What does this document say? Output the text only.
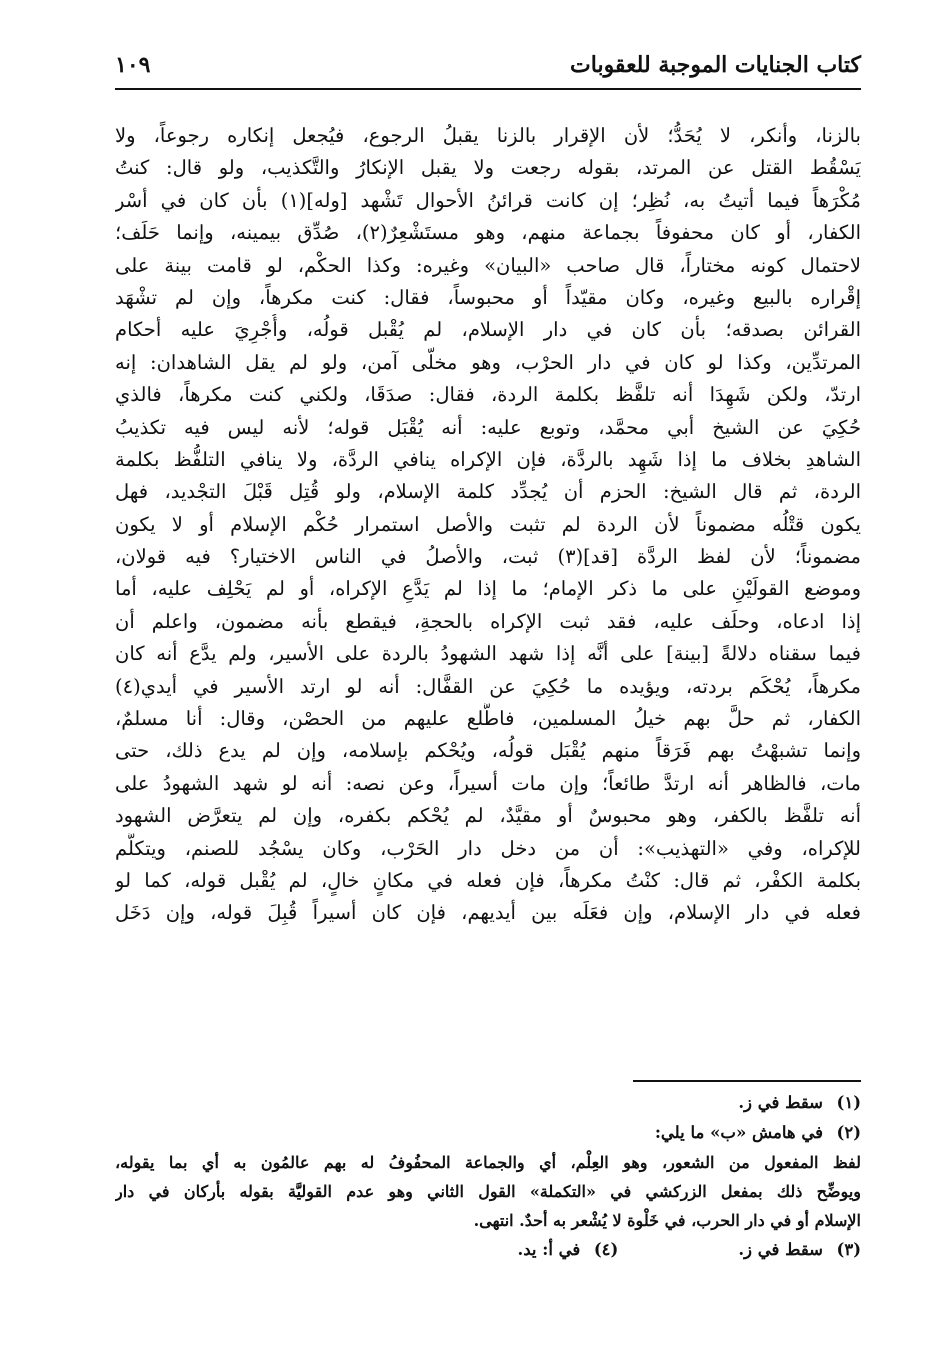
كتاب الجنايات الموجبة للعقوبات
١٠٩
بالزنا، وأنكر، لا يُحَدُّ؛ لأن الإقرار بالزنا يقبلُ الرجوع، فيُجعل إنكاره رجوعاً، ولا
يَسْقُط القتل عن المرتد، بقوله رجعت ولا يقبل الإنكارُ والتَّكذيب، ولو قال: كنتُ
مُكْرَهاً فيما أتيتُ به، نُظِر؛ إن كانت قرائنُ الأحوال تَشْهد [وله](١) بأن كان في أسْر
الكفار، أو كان محفوفاً بجماعة منهم، وهو مستَشْعِرٌ(٢)، صُدِّق بيمينه، وإنما حَلَف؛
لاحتمال كونه مختاراً، قال صاحب «البيان» وغيره: وكذا الحكْم، لو قامت بينة على
إقْراره بالبيع وغيره، وكان مقيّداً أو محبوساً، فقال: كنت مكرهاً، وإن لم تشْهَد
القرائن بصدقه؛ بأن كان في دار الإسلام، لم يُقْبل قولُه، وأُجْرِيَ عليه أحكام
المرتدِّين، وكذا لو كان في دار الحرْب، وهو مخلّى آمن، ولو لم يقل الشاهدان: إنه
ارتدّ، ولكن شَهِدَا أنه تلفَّظ بكلمة الردة، فقال: صدَقَا، ولكني كنت مكرهاً، فالذي
حُكِيَ عن الشيخ أبي محمَّد، وتوبع عليه: أنه يُقْبَل قوله؛ لأنه ليس فيه تكذيبُ
الشاهدِ بخلاف ما إذا شَهِد بالردَّة، فإن الإكراه ينافي الردَّة، ولا ينافي التلفُّظ بكلمة
الردة، ثم قال الشيخ: الحزم أن يُجدِّد كلمة الإسلام، ولو قُتِل قَبْلَ التجْديد، فهل
يكون قتْلُه مضموناً لأن الردة لم تثبت والأصل استمرار حُكْم الإسلام أو لا يكون
مضموناً؛ لأن لفظ الردَّة [قد](٣) ثبت، والأصلُ في الناس الاختيار؟ فيه قولان،
وموضع القولَيْنِ على ما ذكر الإمام؛ ما إذا لم يَدَّعِ الإكراه، أو لم يَحْلِف عليه، أما
إذا ادعاه، وحلَف عليه، فقد ثبت الإكراه بالحجةِ، فيقطع بأنه مضمون، واعلم أن
فيما سقناه دلالةً [بينة] على أنَّه إذا شهد الشهودُ بالردة على الأسير، ولم يدَّع أنه كان
مكرهاً، يُحْكَم بردته، ويؤيده ما حُكِيَ عن القفَّال: أنه لو ارتد الأسير في أيدي(٤)
الكفار، ثم حلَّ بهم خيلُ المسلمين، فاطَّلع عليهم من الحصْن، وقال: أنا مسلمٌ،
وإنما تشبهْتُ بهم فَرَقاً منهم يُقْبَل قولُه، ويُحْكم بإسلامه، وإن لم يدع ذلك، حتى
مات، فالظاهر أنه ارتدَّ طائعاً؛ وإن مات أسيراً، وعن نصه: أنه لو شهد الشهودُ على
أنه تلفَّظ بالكفر، وهو محبوسٌ أو مقيَّدٌ، لم يُحْكم بكفره، وإن لم يتعرَّض الشهود
للإكراه، وفي «التهذيب»: أن من دخل دار الحَرْب، وكان يسْجُد للصنم، ويتكلَّم
بكلمة الكفْر، ثم قال: كنْتُ مكرهاً، فإن فعله في مكانٍ خالٍ، لم يُقْبل قوله، كما لو
فعله في دار الإسلام، وإن فعَلَه بين أيديهم، فإن كان أسيراً قُبِلَ قوله، وإن دَخَل
(١)
سقط في ز.
(٢)
في هامش «ب» ما يلي:
لفظ المفعول من الشعور، وهو العِلْم، أي والجماعة المحفُوفُ له بهم عالمُون به أي بما يقوله،
ويوضِّح ذلك بمفعل الزركشي في «التكملة» القول الثاني وهو عدم القوليَّة بقوله بأركان في دار
الإسلام أو في دار الحرب، في خَلْوة لا يُشْعر به أحدٌ. انتهى.
(٣)
سقط في ز.
(٤)
في أ: يد.
